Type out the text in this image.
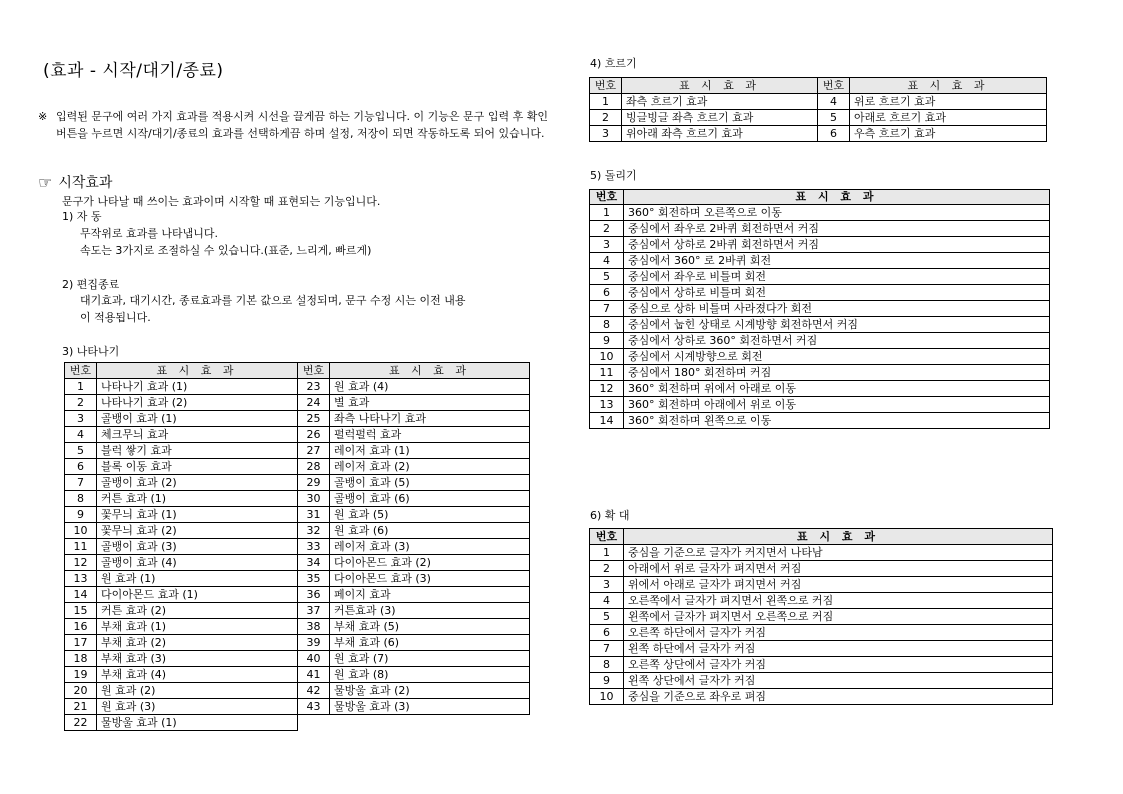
(효과 - 시작/대기/종료)
※ 입력된 문구에 여러 가지 효과를 적용시켜 시선을 끌게끔 하는 기능입니다. 이 기능은 문구 입력 후 확인 버튼을 누르면 시작/대기/종료의 효과를 선택하게끔 하며 설정, 저장이 되면 작동하도록 되어 있습니다.
☞ 시작효과
문구가 나타날 때 쓰이는 효과이며 시작할 때 표현되는 기능입니다.
1) 자 동
무작위로 효과를 나타냅니다.
속도는 3가지로 조절하실 수 있습니다.(표준, 느리게, 빠르게)
2) 편집종료
대기효과, 대기시간, 종료효과를 기본 값으로 설정되며, 문구 수정 시는 이전 내용
이 적용됩니다.
3) 나타나기
번호	표 시 효 과
1	나타나기 효과 (1)
2	나타나기 효과 (2)
3	골뱅이 효과 (1)
4	체크무늬 효과
5	블럭 쌓기 효과
6	블록 이동 효과
7	골뱅이 효과 (2)
8	커튼 효과 (1)
9	꽃무늬 효과 (1)
10	꽃무늬 효과 (2)
11	골뱅이 효과 (3)
12	골뱅이 효과 (4)
13	원 효과 (1)
14	다이아몬드 효과 (1)
15	커튼 효과 (2)
16	부채 효과 (1)
17	부채 효과 (2)
18	부채 효과 (3)
19	부채 효과 (4)
20	원 효과 (2)
21	원 효과 (3)
22	물방울 효과 (1)
번호	표 시 효 과
23	원 효과 (4)
24	별 효과
25	좌측 나타나기 효과
26	펄럭펄럭 효과
27	레이저 효과 (1)
28	레이저 효과 (2)
29	골뱅이 효과 (5)
30	골뱅이 효과 (6)
31	원 효과 (5)
32	원 효과 (6)
33	레이저 효과 (3)
34	다이아몬드 효과 (2)
35	다이아몬드 효과 (3)
36	페이지 효과
37	커튼효과 (3)
38	부채 효과 (5)
39	부채 효과 (6)
40	원 효과 (7)
41	원 효과 (8)
42	물방울 효과 (2)
43	물방울 효과 (3)
4) 흐르기
번호	표 시 효 과	번호	표 시 효 과
1	좌측 흐르기 효과	4	위로 흐르기 효과
2	빙글빙글 좌측 흐르기 효과	5	아래로 흐르기 효과
3	위아래 좌측 흐르기 효과	6	우측 흐르기 효과
5) 돌리기
번호	표 시 효 과
1	360° 회전하며 오른쪽으로 이동
2	중심에서 좌우로 2바퀴 회전하면서 커짐
3	중심에서 상하로 2바퀴 회전하면서 커짐
4	중심에서 360° 로 2바퀴 회전
5	중심에서 좌우로 비틀며 회전
6	중심에서 상하로 비틀며 회전
7	중심으로 상하 비틀며 사라졌다가 회전
8	중심에서 눕힌 상태로 시계방향 회전하면서 커짐
9	중심에서 상하로 360° 회전하면서 커짐
10	중심에서 시계방향으로 회전
11	중심에서 180° 회전하며 커짐
12	360° 회전하며 위에서 아래로 이동
13	360° 회전하며 아래에서 위로 이동
14	360° 회전하며 왼쪽으로 이동
6) 확 대
번호	표 시 효 과
1	중심을 기준으로 글자가 커지면서 나타남
2	아래에서 위로 글자가 펴지면서 커짐
3	위에서 아래로 글자가 펴지면서 커짐
4	오른쪽에서 글자가 펴지면서 왼쪽으로 커짐
5	왼쪽에서 글자가 펴지면서 오른쪽으로 커짐
6	오른쪽 하단에서 글자가 커짐
7	왼쪽 하단에서 글자가 커짐
8	오른쪽 상단에서 글자가 커짐
9	왼쪽 상단에서 글자가 커짐
10	중심을 기준으로 좌우로 펴짐
